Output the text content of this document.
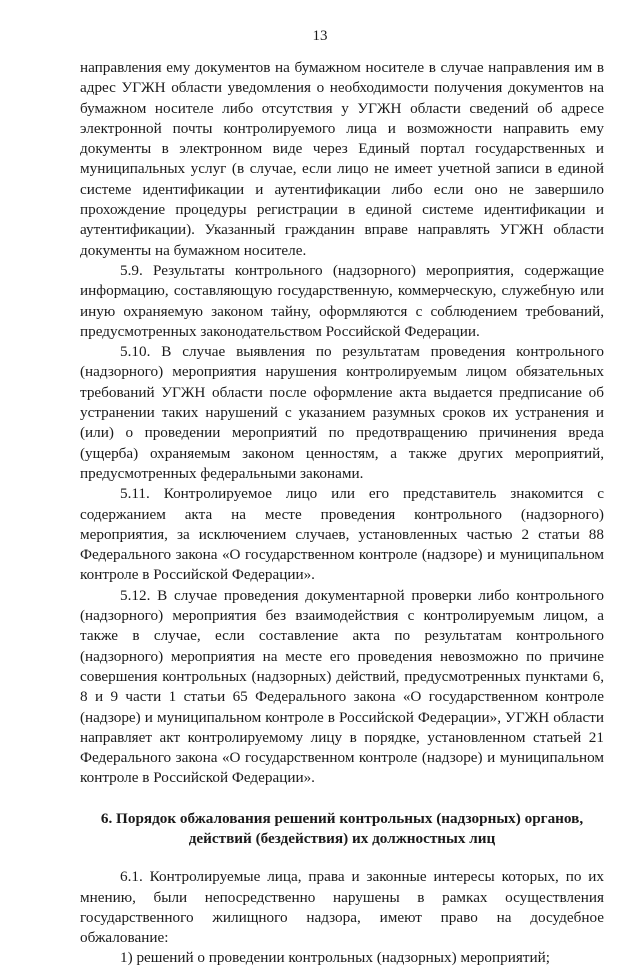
13

направления ему документов на бумажном носителе в случае направления им в адрес УГЖН области уведомления о необходимости получения документов на бумажном носителе либо отсутствия у УГЖН области сведений об адресе электронной почты контролируемого лица и возможности направить ему документы в электронном виде через Единый портал государственных и муниципальных услуг (в случае, если лицо не имеет учетной записи в единой системе идентификации и аутентификации либо если оно не завершило прохождение процедуры регистрации в единой системе идентификации и аутентификации). Указанный гражданин вправе направлять УГЖН области документы на бумажном носителе.

5.9. Результаты контрольного (надзорного) мероприятия, содержащие информацию, составляющую государственную, коммерческую, служебную или иную охраняемую законом тайну, оформляются с соблюдением требований, предусмотренных законодательством Российской Федерации.

5.10. В случае выявления по результатам проведения контрольного (надзорного) мероприятия нарушения контролируемым лицом обязательных требований УГЖН области после оформление акта выдается предписание об устранении таких нарушений с указанием разумных сроков их устранения и (или) о проведении мероприятий по предотвращению причинения вреда (ущерба) охраняемым законом ценностям, а также других мероприятий, предусмотренных федеральными законами.

5.11. Контролируемое лицо или его представитель знакомится с содержанием акта на месте проведения контрольного (надзорного) мероприятия, за исключением случаев, установленных частью 2 статьи 88 Федерального закона «О государственном контроле (надзоре) и муниципальном контроле в Российской Федерации».

5.12. В случае проведения документарной проверки либо контрольного (надзорного) мероприятия без взаимодействия с контролируемым лицом, а также в случае, если составление акта по результатам контрольного (надзорного) мероприятия на месте его проведения невозможно по причине совершения контрольных (надзорных) действий, предусмотренных пунктами 6, 8 и 9 части 1 статьи 65 Федерального закона «О государственном контроле (надзоре) и муниципальном контроле в Российской Федерации», УГЖН области направляет акт контролируемому лицу в порядке, установленном статьей 21 Федерального закона «О государственном контроле (надзоре) и муниципальном контроле в Российской Федерации».

6. Порядок обжалования решений контрольных (надзорных) органов, действий (бездействия) их должностных лиц

6.1. Контролируемые лица, права и законные интересы которых, по их мнению, были непосредственно нарушены в рамках осуществления государственного жилищного надзора, имеют право на досудебное обжалование:

1) решений о проведении контрольных (надзорных) мероприятий;
